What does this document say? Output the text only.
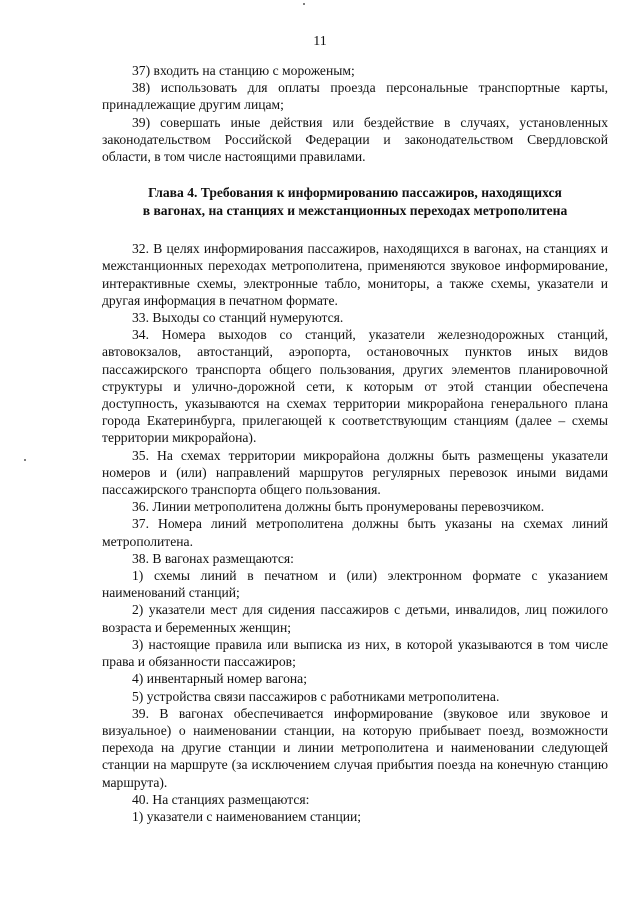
11

37) входить на станцию с мороженым;

38) использовать для оплаты проезда персональные транспортные карты, принадлежащие другим лицам;

39) совершать иные действия или бездействие в случаях, установленных законодательством Российской Федерации и законодательством Свердловской области, в том числе настоящими правилами.

Глава 4. Требования к информированию пассажиров, находящихся
в вагонах, на станциях и межстанционных переходах метрополитена

32. В целях информирования пассажиров, находящихся в вагонах, на станциях и межстанционных переходах метрополитена, применяются звуковое информирование, интерактивные схемы, электронные табло, мониторы, а также схемы, указатели и другая информация в печатном формате.

33. Выходы со станций нумеруются.

34. Номера выходов со станций, указатели железнодорожных станций, автовокзалов, автостанций, аэропорта, остановочных пунктов иных видов пассажирского транспорта общего пользования, других элементов планировочной структуры и улично-дорожной сети, к которым от этой станции обеспечена доступность, указываются на схемах территории микрорайона генерального плана города Екатеринбурга, прилегающей к соответствующим станциям (далее – схемы территории микрорайона).

35. На схемах территории микрорайона должны быть размещены указатели номеров и (или) направлений маршрутов регулярных перевозок иными видами пассажирского транспорта общего пользования.

36. Линии метрополитена должны быть пронумерованы перевозчиком.

37. Номера линий метрополитена должны быть указаны на схемах линий метрополитена.

38. В вагонах размещаются:

1) схемы линий в печатном и (или) электронном формате с указанием наименований станций;

2) указатели мест для сидения пассажиров с детьми, инвалидов, лиц пожилого возраста и беременных женщин;

3) настоящие правила или выписка из них, в которой указываются в том числе права и обязанности пассажиров;

4) инвентарный номер вагона;

5) устройства связи пассажиров с работниками метрополитена.

39. В вагонах обеспечивается информирование (звуковое или звуковое и визуальное) о наименовании станции, на которую прибывает поезд, возможности перехода на другие станции и линии метрополитена и наименовании следующей станции на маршруте (за исключением случая прибытия поезда на конечную станцию маршрута).

40. На станциях размещаются:

1) указатели с наименованием станции;
